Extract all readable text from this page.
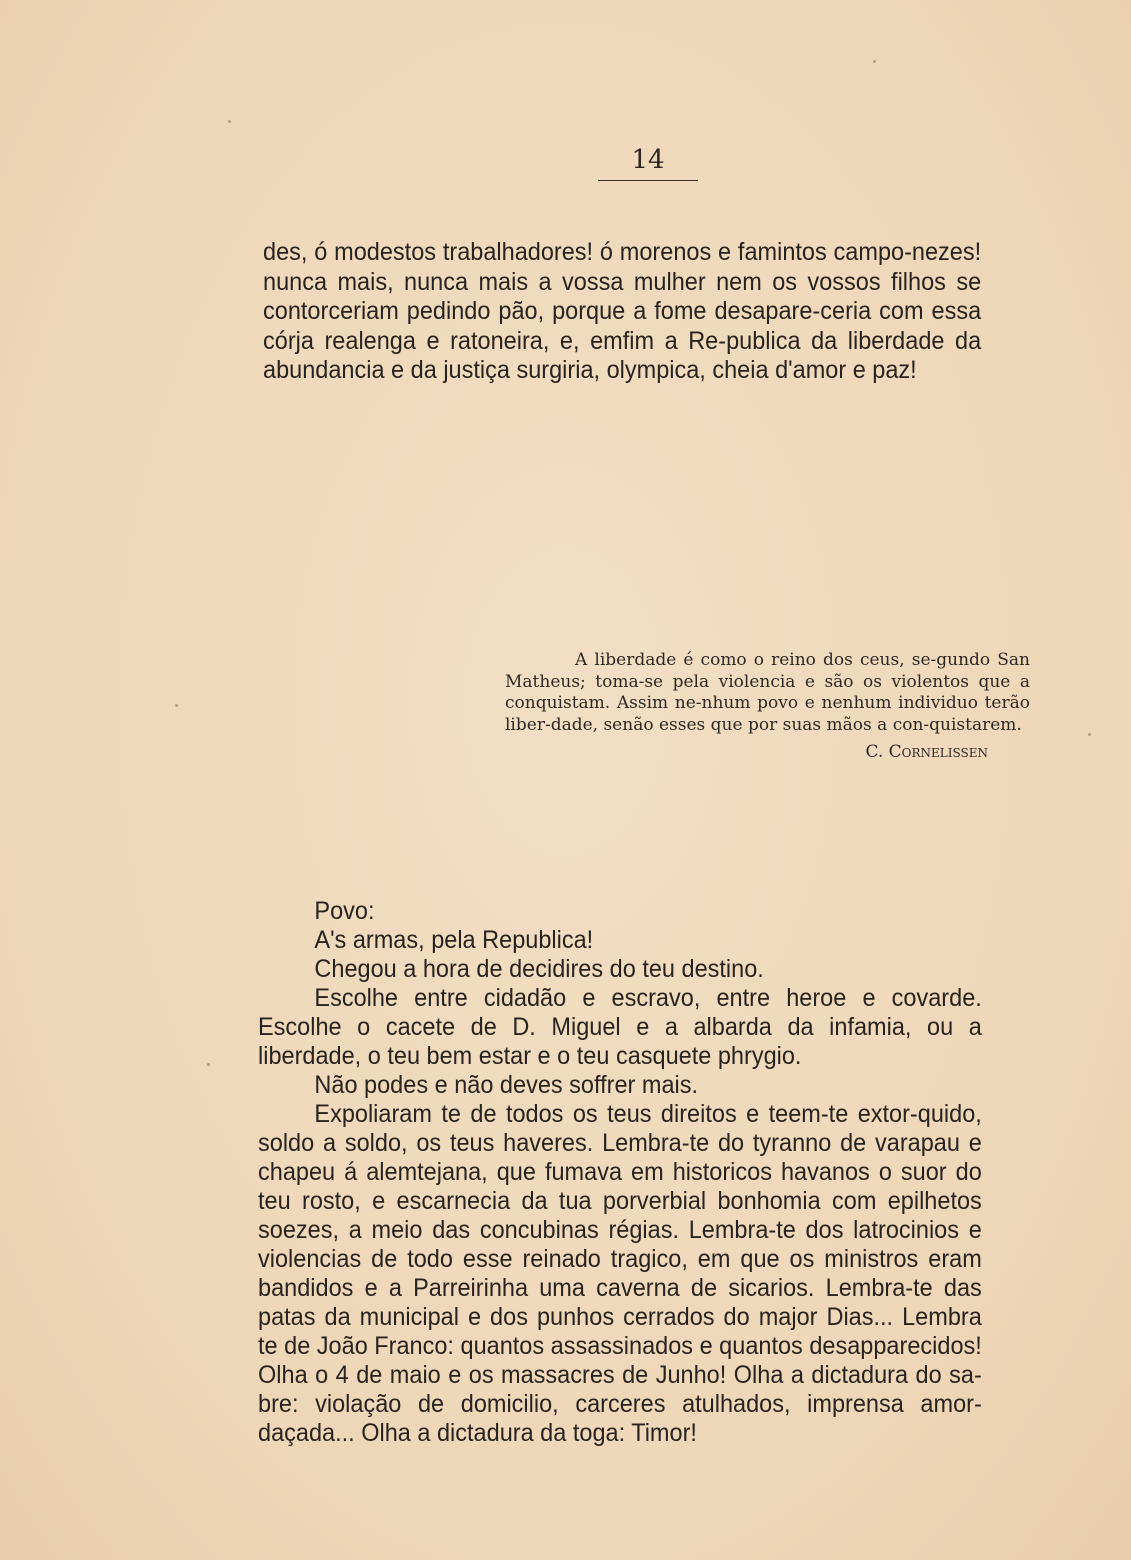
14

des, ó modestos trabalhadores! ó morenos e famintos campo-nezes! nunca mais, nunca mais a vossa mulher nem os vossos filhos se contorceriam pedindo pão, porque a fome desapare-ceria com essa córja realenga e ratoneira, e, emfim a Re-publica da liberdade da abundancia e da justiça surgiria, olympica, cheia d'amor e paz!

A liberdade é como o reino dos ceus, se-gundo San Matheus; toma-se pela violencia e são os violentos que a conquistam. Assim ne-nhum povo e nenhum individuo terão liber-dade, senão esses que por suas mãos a con-quistarem.

C. Cornelissen

Povo:

A's armas, pela Republica!

Chegou a hora de decidires do teu destino.

Escolhe entre cidadão e escravo, entre heroe e covarde. Escolhe o cacete de D. Miguel e a albarda da infamia, ou a liberdade, o teu bem estar e o teu casquete phrygio.

Não podes e não deves soffrer mais.

Expoliaram te de todos os teus direitos e teem-te extor-quido, soldo a soldo, os teus haveres. Lembra-te do tyranno de varapau e chapeu á alemtejana, que fumava em historicos havanos o suor do teu rosto, e escarnecia da tua porverbial bonhomia com epilhetos soezes, a meio das concubinas régias. Lembra-te dos latrocinios e violencias de todo esse reinado tragico, em que os ministros eram bandidos e a Parreirinha uma caverna de sicarios. Lembra-te das patas da municipal e dos punhos cerrados do major Dias... Lembra te de João Franco: quantos assassinados e quantos desapparecidos! Olha o 4 de maio e os massacres de Junho! Olha a dictadura do sa-bre: violação de domicilio, carceres atulhados, imprensa amor-daçada... Olha a dictadura da toga: Timor!
